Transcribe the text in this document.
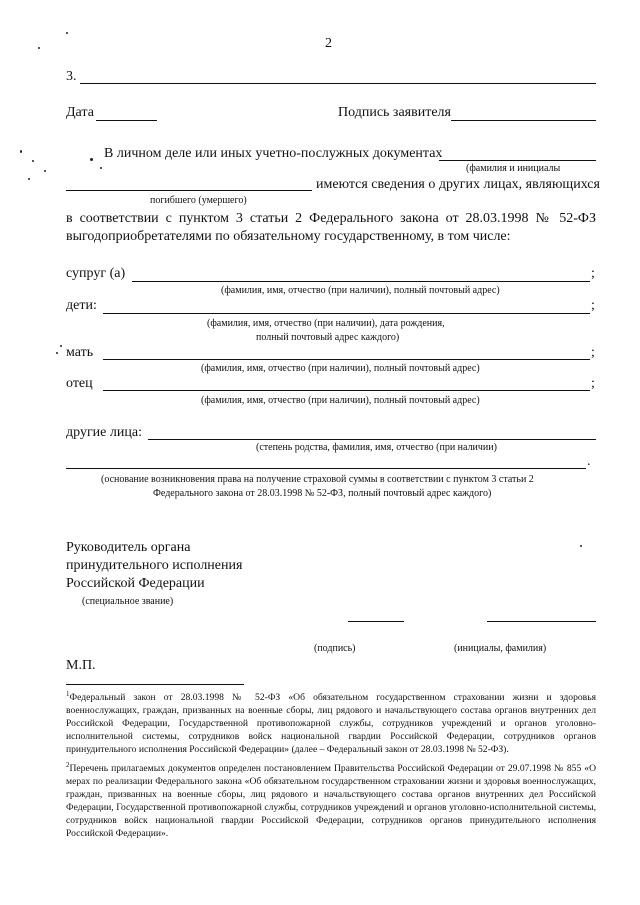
2
3.
Дата	Подпись заявителя
В личном деле или иных учетно-послужных документах
(фамилия и инициалы
имеются сведения о других лицах, являющихся
погибшего (умершего)
в соответствии с пунктом 3 статьи 2 Федерального закона от 28.03.1998 № 52-ФЗ
выгодоприобретателями по обязательному государственному, в том числе:
супруг (а)	;
(фамилия, имя, отчество (при наличии), полный почтовый адрес)
дети:	;
(фамилия, имя, отчество (при наличии), дата рождения,
полный почтовый адрес каждого)
мать	;
(фамилия, имя, отчество (при наличии), полный почтовый адрес)
отец	;
(фамилия, имя, отчество (при наличии), полный почтовый адрес)
другие лица:
(степень родства, фамилия, имя, отчество (при наличии)
.
(основание возникновения права на получение страховой суммы в соответствии с пунктом 3 статьи 2
Федерального закона от 28.03.1998 № 52-ФЗ, полный почтовый адрес каждого)
Руководитель органа
принудительного исполнения
Российской Федерации
(специальное звание)
(подпись)	(инициалы, фамилия)
М.П.

$^1$Федеральный закон от 28.03.1998 № 52-ФЗ «Об обязательном государственном страховании жизни и здоровья военнослужащих, граждан, призванных на военные сборы, лиц рядового и начальствующего состава органов внутренних дел Российской Федерации, Государственной противопожарной службы, сотрудников учреждений и органов уголовно-исполнительной системы, сотрудников войск национальной гвардии Российской Федерации, сотрудников органов принудительного исполнения Российской Федерации» (далее – Федеральный закон от 28.03.1998 № 52-ФЗ).

$^2$Перечень прилагаемых документов определен постановлением Правительства Российской Федерации от 29.07.1998 № 855 «О мерах по реализации Федерального закона «Об обязательном государственном страховании жизни и здоровья военнослужащих, граждан, призванных на военные сборы, лиц рядового и начальствующего состава органов внутренних дел Российской Федерации, Государственной противопожарной службы, сотрудников учреждений и органов уголовно-исполнительной системы, сотрудников войск национальной гвардии Российской Федерации, сотрудников органов принудительного исполнения Российской Федерации».
